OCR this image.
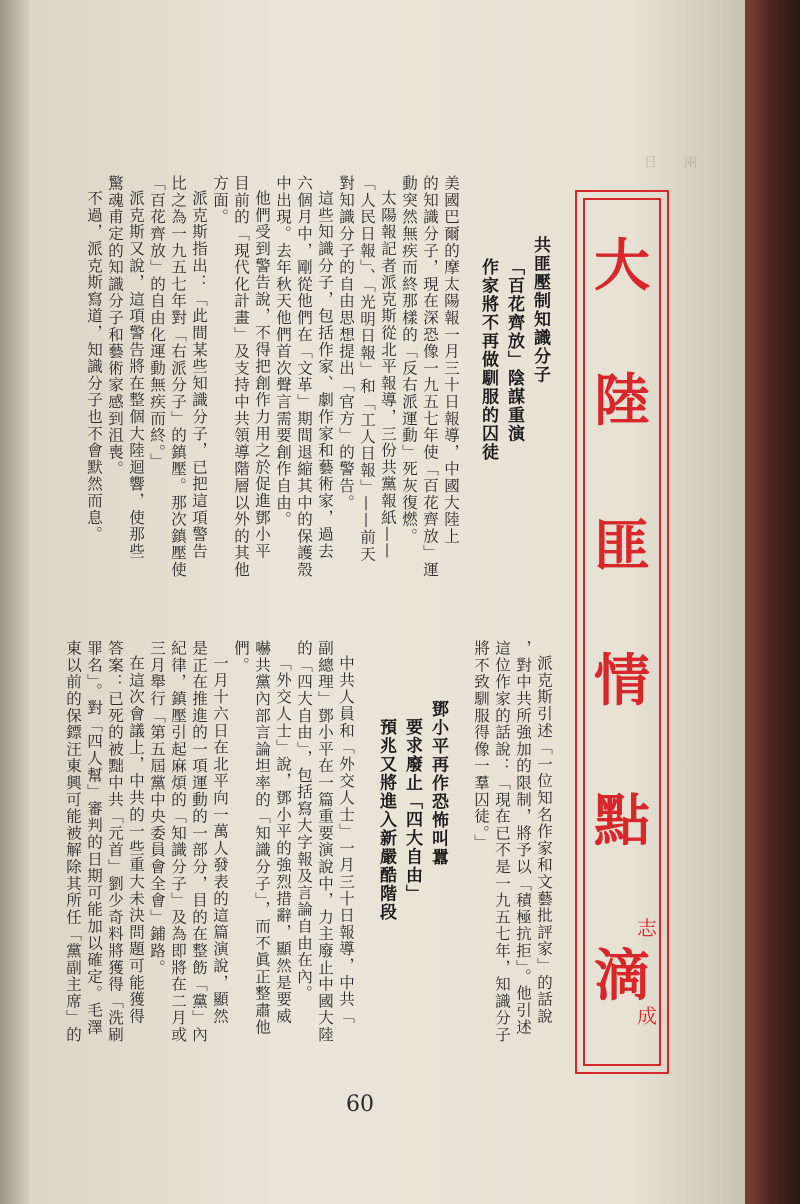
日 兩
大
陸
匪
情
點
滴
志
成
共匪壓制知識分子
「百花齊放」陰謀重演
作家將不再做馴服的囚徒
美國巴爾的摩太陽報一月三十日報導，中國大陸上
的知識分子，現在深恐像一九五七年使「百花齊放」運
動突然無疾而終那樣的「反右派運動」死灰復燃。
太陽報記者派克斯從北平報導，三份共黨報紙——
「人民日報」、「光明日報」和「工人日報」——前天
對知識分子的自由思想提出「官方」的警告。
這些知識分子，包括作家、劇作家和藝術家，過去
六個月中，剛從他們在「文革」期間退縮其中的保護殼
中出現。去年秋天他們首次聲言需要創作自由。
他們受到警告說，不得把創作力用之於促進鄧小平
目前的「現代化計畫」及支持中共領導階層以外的其他
方面。
派克斯指出：「此間某些知識分子，已把這項警告
比之為一九五七年對「右派分子」的鎮壓。那次鎮壓使
「百花齊放」的自由化運動無疾而終。」
派克斯又說，這項警告將在整個大陸迴響，使那些
驚魂甫定的知識分子和藝術家感到沮喪。
不過，派克斯寫道，知識分子也不會默然而息。
派克斯引述「一位知名作家和文藝批評家」的話說
，對中共所強加的限制，將予以「積極抗拒」。他引述
這位作家的話說：「現在已不是一九五七年，知識分子
將不致馴服得像一羣囚徒。」
鄧小平再作恐怖叫囂
要求廢止「四大自由」
預兆又將進入新嚴酷階段
中共人員和「外交人士」一月三十日報導，中共「
副總理」鄧小平在一篇重要演說中，力主廢止中國大陸
的「四大自由」，包括寫大字報及言論自由在內。
「外交人士」說，鄧小平的強烈措辭，顯然是要威
嚇共黨內部言論坦率的「知識分子」，而不眞正整肅他
們。
一月十六日在北平向一萬人發表的這篇演說，顯然
是正在推進的一項運動的一部分，目的在整飭「黨」內
紀律，鎮壓引起麻煩的「知識分子」及為即將在二月或
三月舉行「第五屆黨中央委員會全會」鋪路。
在這次會議上，中共的一些重大未決問題可能獲得
答案：已死的被黜中共「元首」劉少奇料將獲得「洗刷
罪名」。對「四人幫」審判的日期可能加以確定。毛澤
東以前的保鏢汪東興可能被解除其所任「黨副主席」的
60
